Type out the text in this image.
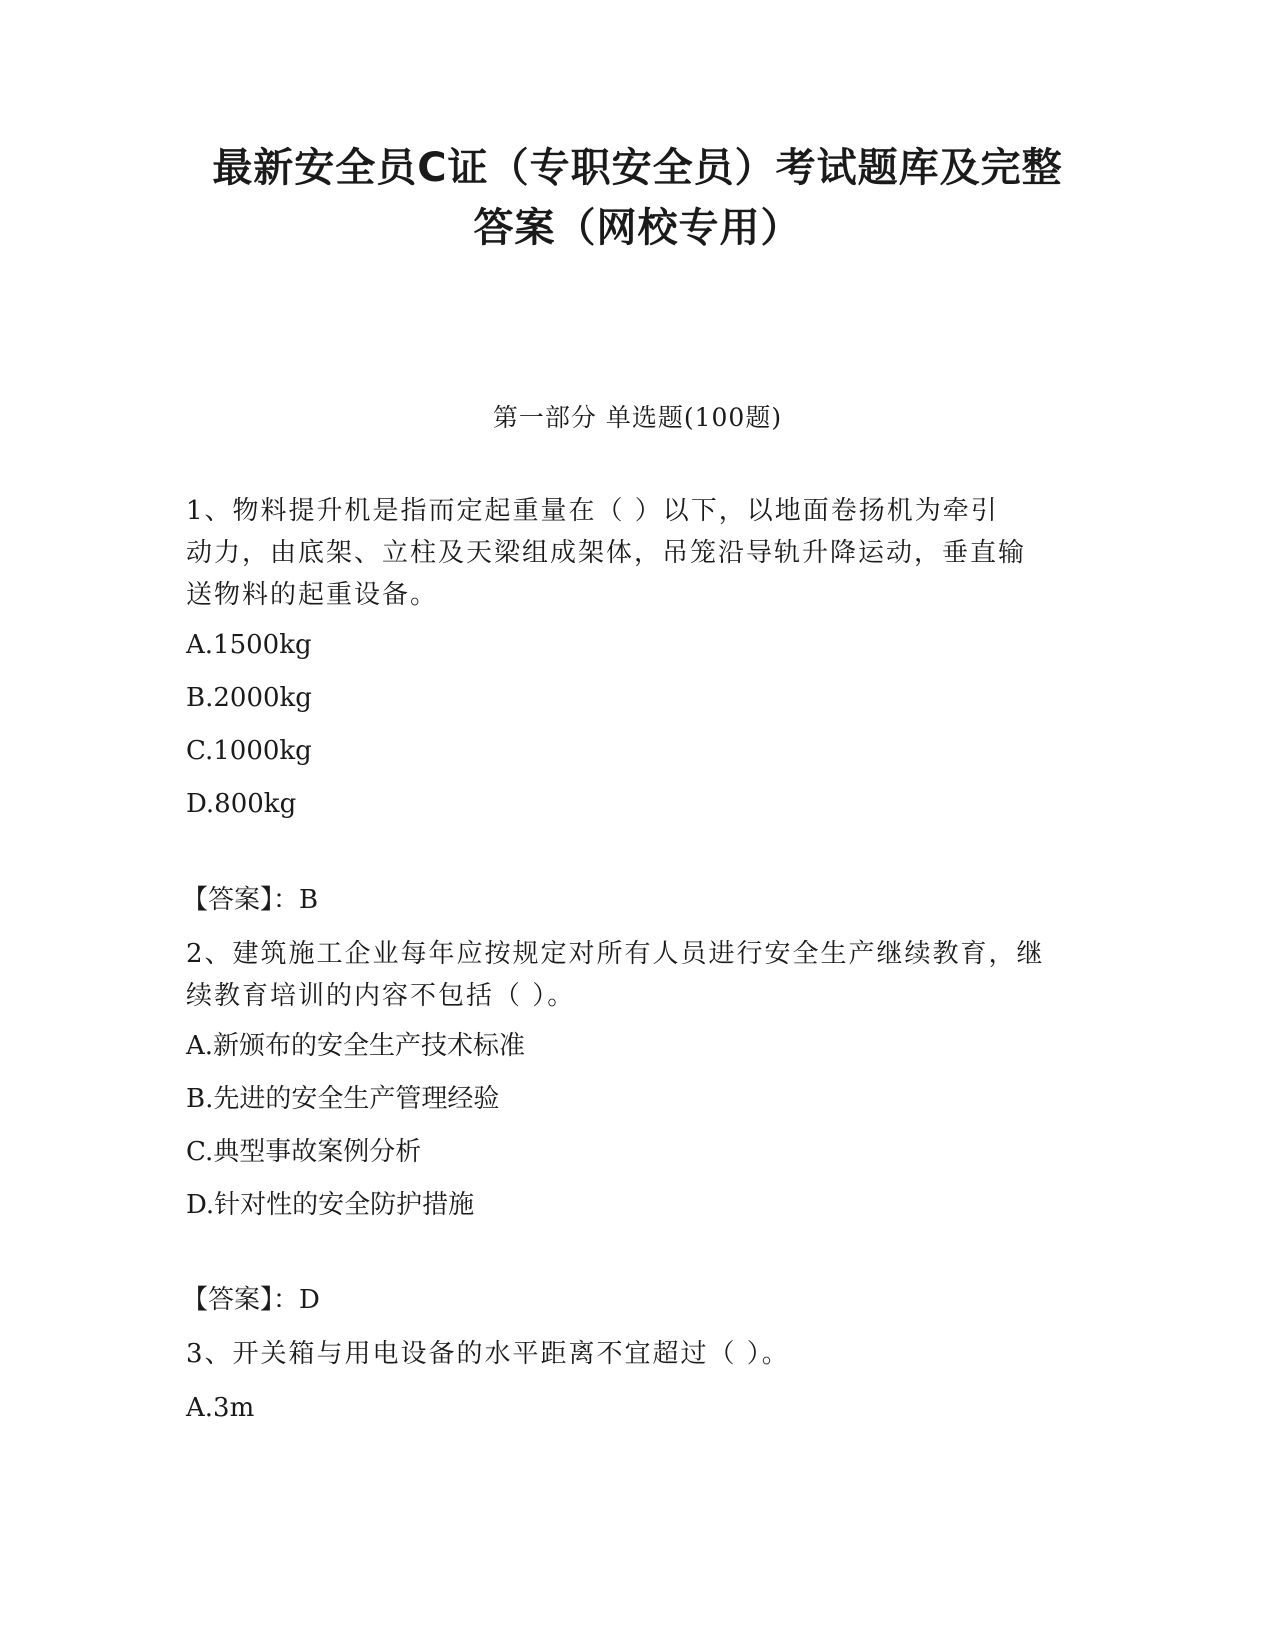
最新安全员C证（专职安全员）考试题库及完整
答案（网校专用）
第一部分 单选题(100题)
1、物料提升机是指而定起重量在（ ）以下，以地面卷扬机为牵引
动力，由底架、立柱及天梁组成架体，吊笼沿导轨升降运动，垂直输
送物料的起重设备。
A.1500kg
B.2000kg
C.1000kg
D.800kg
【答案】：B
2、建筑施工企业每年应按规定对所有人员进行安全生产继续教育，继
续教育培训的内容不包括（ ）。
A.新颁布的安全生产技术标准
B.先进的安全生产管理经验
C.典型事故案例分析
D.针对性的安全防护措施
【答案】：D
3、开关箱与用电设备的水平距离不宜超过（ ）。
A.3m
